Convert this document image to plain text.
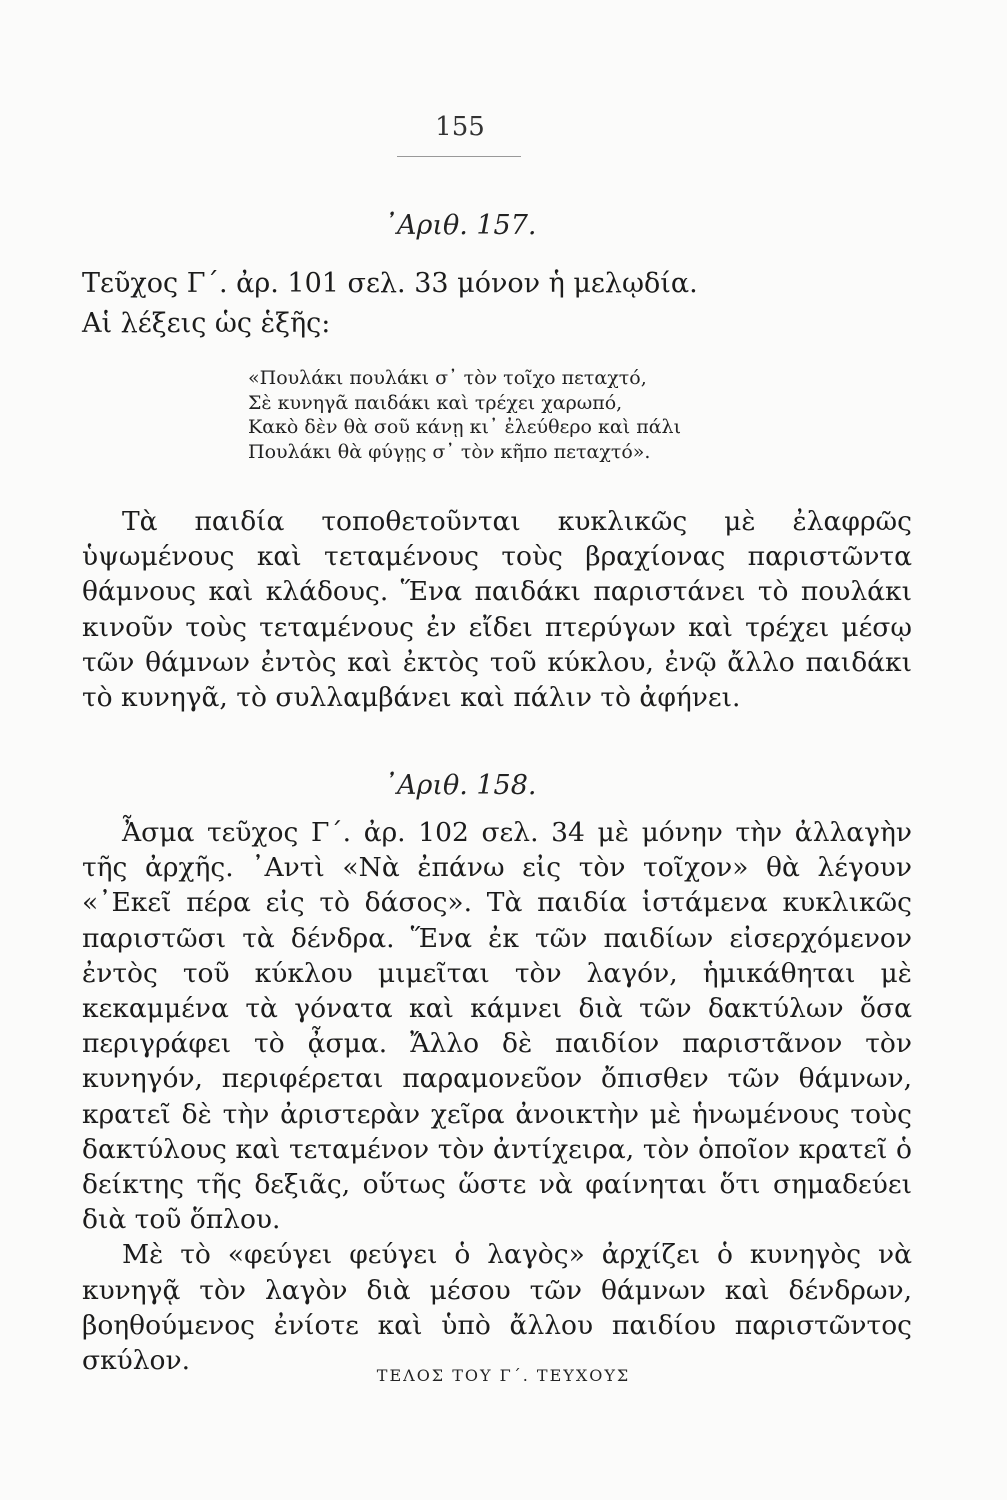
155
᾿Αριθ. 157.
Τεῦχος Γ΄. ἀρ. 101 σελ. 33 μόνον ἡ μελῳδία.
Αἱ λέξεις ὡς ἑξῆς:
«Πουλάκι πουλάκι σ᾿ τὸν τοῖχο πεταχτό,
Σὲ κυνηγᾶ παιδάκι καὶ τρέχει χαρωπό,
Κακὸ δὲν θὰ σοῦ κάνῃ κι᾿ ἐλεύθερο καὶ πάλι
Πουλάκι θὰ φύγῃς σ᾿ τὸν κῆπο πεταχτό».

Τὰ παιδία τοποθετοῦνται κυκλικῶς μὲ ἐλαφρῶς ὑψωμένους καὶ τεταμένους τοὺς βραχίονας παριστῶντα θάμνους καὶ κλάδους. Ἕνα παιδάκι παριστάνει τὸ πουλάκι κινοῦν τοὺς τεταμένους ἐν εἴδει πτερύγων καὶ τρέχει μέσῳ τῶν θάμνων ἐντὸς καὶ ἐκτὸς τοῦ κύκλου, ἐνῷ ἄλλο παιδάκι τὸ κυνηγᾶ, τὸ συλλαμβάνει καὶ πάλιν τὸ ἀφήνει.

᾿Αριθ. 158.

Ἆσμα τεῦχος Γ΄. ἀρ. 102 σελ. 34 μὲ μόνην τὴν ἀλλαγὴν τῆς ἀρχῆς. ᾿Αντὶ «Νὰ ἐπάνω εἰς τὸν τοῖχον» θὰ λέγουν «᾿Εκεῖ πέρα εἰς τὸ δάσος». Τὰ παιδία ἱστάμενα κυκλικῶς παριστῶσι τὰ δένδρα. Ἕνα ἐκ τῶν παιδίων εἰσερχόμενον ἐντὸς τοῦ κύκλου μιμεῖται τὸν λαγόν, ἡμικάθηται μὲ κεκαμμένα τὰ γόνατα καὶ κάμνει διὰ τῶν δακτύλων ὅσα περιγράφει τὸ ᾆσμα. Ἄλλο δὲ παιδίον παριστᾶνον τὸν κυνηγόν, περιφέρεται παραμονεῦον ὄπισθεν τῶν θάμνων, κρατεῖ δὲ τὴν ἀριστερὰν χεῖρα ἀνοικτὴν μὲ ἡνωμένους τοὺς δακτύλους καὶ τεταμένον τὸν ἀντίχειρα, τὸν ὁποῖον κρατεῖ ὁ δείκτης τῆς δεξιᾶς, οὕτως ὥστε νὰ φαίνηται ὅτι σημαδεύει διὰ τοῦ ὅπλου.

Μὲ τὸ «φεύγει φεύγει ὁ λαγὸς» ἀρχίζει ὁ κυνηγὸς νὰ κυνηγᾷ τὸν λαγὸν διὰ μέσου τῶν θάμνων καὶ δένδρων, βοηθούμενος ἐνίοτε καὶ ὑπὸ ἄλλου παιδίου παριστῶντος σκύλον.	ΤΕΛΟΣ ΤΟΥ Γ΄. ΤΕΥΧΟΥΣ
